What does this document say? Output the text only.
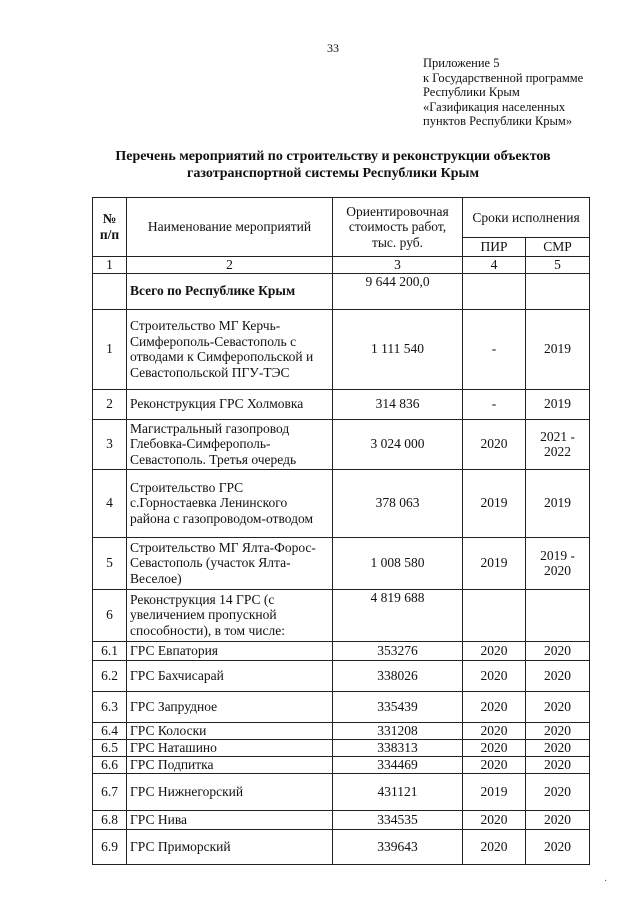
33
Приложение 5
к Государственной программе
Республики Крым
«Газификация населенных
пунктов Республики Крым»
Перечень мероприятий по строительству и реконструкции объектов
газотранспортной системы Республики Крым
№ п/п	Наименование мероприятий	Ориентировочная стоимость работ, тыс. руб.	Сроки исполнения	
			ПИР	СМР
1	2	3	4	5
	Всего по Республике Крым	9 644 200,0		
1	Строительство МГ Керчь-Симферополь-Севастополь с отводами к Симферопольской и Севастопольской ПГУ-ТЭС	1 111 540	-	2019
2	Реконструкция ГРС Холмовка	314 836	-	2019
3	Магистральный газопровод Глебовка-Симферополь-Севастополь. Третья очередь	3 024 000	2020	2021 - 2022
4	Строительство ГРС с.Горностаевка Ленинского района с газопроводом-отводом	378 063	2019	2019
5	Строительство МГ Ялта-Форос-Севастополь (участок Ялта-Веселое)	1 008 580	2019	2019 - 2020
6	Реконструкция 14 ГРС (с увеличением пропускной способности), в том числе:	4 819 688		
6.1	ГРС Евпатория	353276	2020	2020
6.2	ГРС Бахчисарай	338026	2020	2020
6.3	ГРС Запрудное	335439	2020	2020
6.4	ГРС Колоски	331208	2020	2020
6.5	ГРС Наташино	338313	2020	2020
6.6	ГРС Подпитка	334469	2020	2020
6.7	ГРС Нижнегорский	431121	2019	2020
6.8	ГРС Нива	334535	2020	2020
6.9	ГРС Приморский	339643	2020	2020
·
